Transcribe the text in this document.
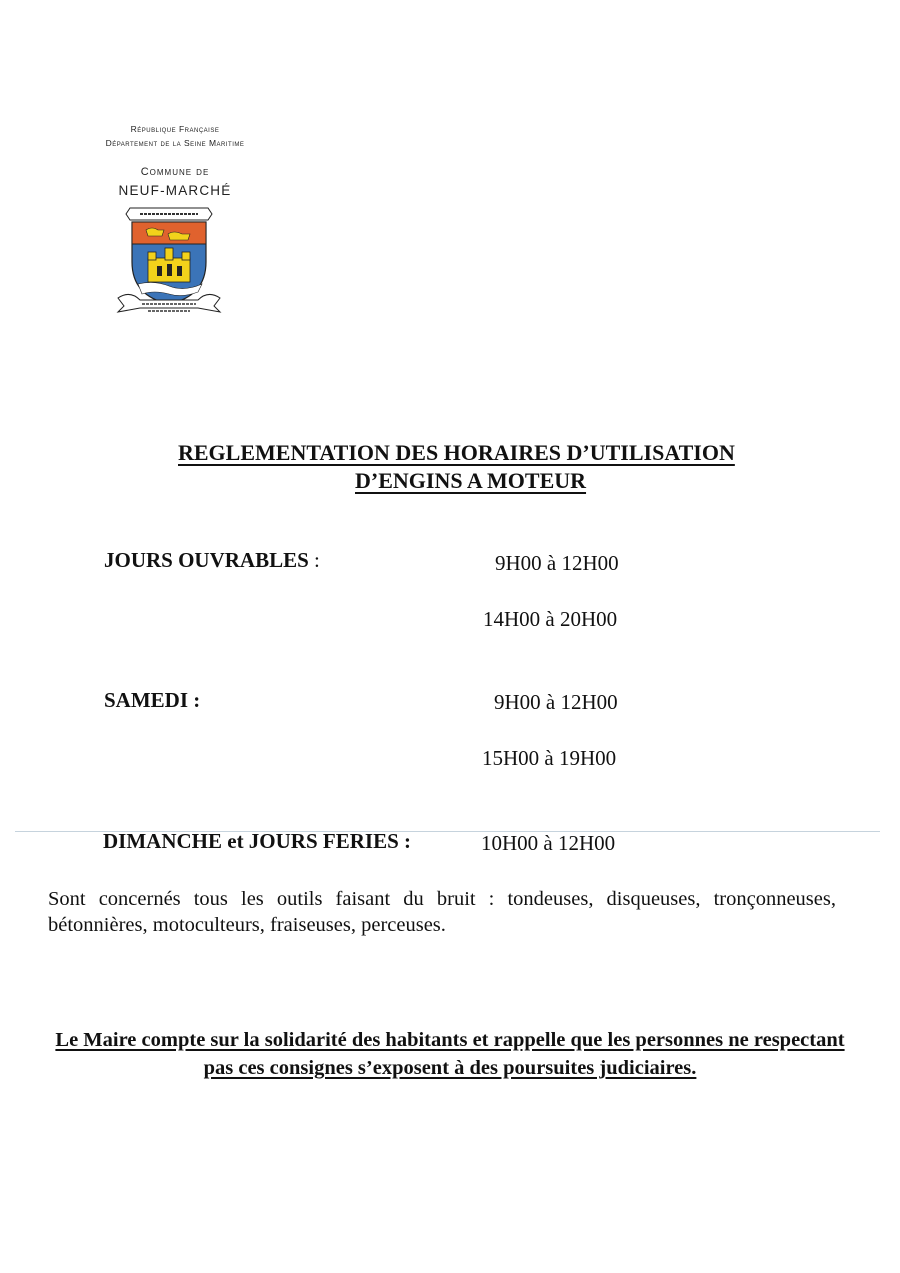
République Française
Département de la Seine Maritime
Commune de
NEUF-MARCHÉ
REGLEMENTATION DES HORAIRES D’UTILISATION
D’ENGINS A MOTEUR
JOURS OUVRABLES :	9H00 à 12H00
14H00 à 20H00
SAMEDI :	9H00 à 12H00
15H00 à 19H00
DIMANCHE et JOURS FERIES :	10H00 à 12H00
Sont concernés tous les outils faisant du bruit : tondeuses, disqueuses, tronçonneuses, bétonnières, motoculteurs, fraiseuses, perceuses.
Le Maire compte sur la solidarité des habitants et rappelle que les personnes ne respectant pas ces consignes s’exposent à des poursuites judiciaires.
